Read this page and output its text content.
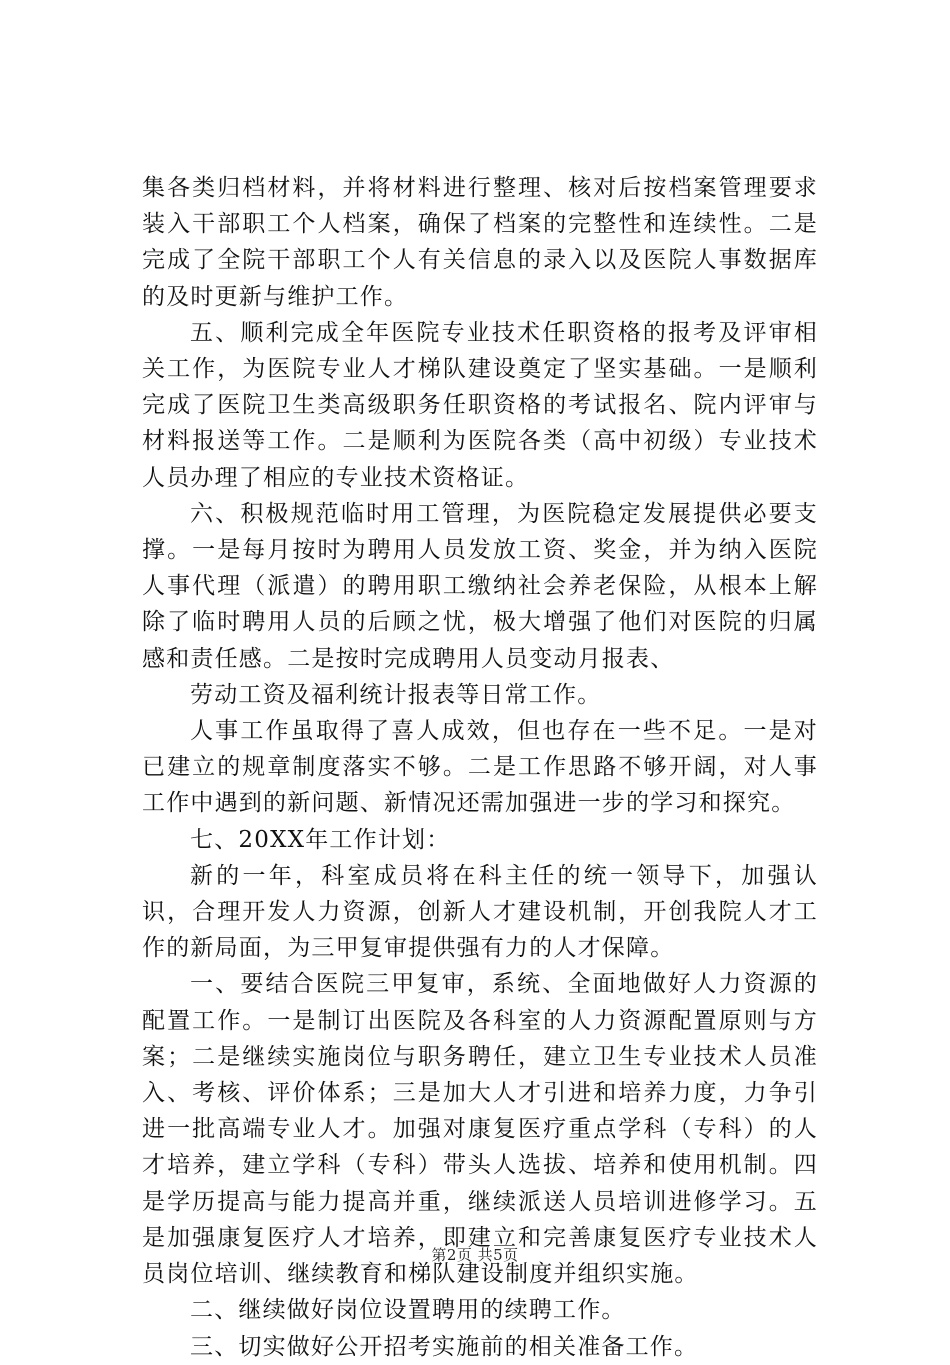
集各类归档材料，并将材料进行整理、核对后按档案管理要求装入干部职工个人档案，确保了档案的完整性和连续性。二是完成了全院干部职工个人有关信息的录入以及医院人事数据库的及时更新与维护工作。

五、顺利完成全年医院专业技术任职资格的报考及评审相关工作，为医院专业人才梯队建设奠定了坚实基础。一是顺利完成了医院卫生类高级职务任职资格的考试报名、院内评审与材料报送等工作。二是顺利为医院各类（高中初级）专业技术人员办理了相应的专业技术资格证。

六、积极规范临时用工管理，为医院稳定发展提供必要支撑。一是每月按时为聘用人员发放工资、奖金，并为纳入医院人事代理（派遣）的聘用职工缴纳社会养老保险，从根本上解除了临时聘用人员的后顾之忧，极大增强了他们对医院的归属感和责任感。二是按时完成聘用人员变动月报表、

劳动工资及福利统计报表等日常工作。

人事工作虽取得了喜人成效，但也存在一些不足。一是对已建立的规章制度落实不够。二是工作思路不够开阔，对人事工作中遇到的新问题、新情况还需加强进一步的学习和探究。

七、20XX年工作计划：

新的一年，科室成员将在科主任的统一领导下，加强认识，合理开发人力资源，创新人才建设机制，开创我院人才工作的新局面，为三甲复审提供强有力的人才保障。

一、要结合医院三甲复审，系统、全面地做好人力资源的配置工作。一是制订出医院及各科室的人力资源配置原则与方案；二是继续实施岗位与职务聘任，建立卫生专业技术人员准入、考核、评价体系；三是加大人才引进和培养力度，力争引进一批高端专业人才。加强对康复医疗重点学科（专科）的人才培养，建立学科（专科）带头人选拔、培养和使用机制。四是学历提高与能力提高并重，继续派送人员培训进修学习。五是加强康复医疗人才培养，即建立和完善康复医疗专业技术人员岗位培训、继续教育和梯队建设制度并组织实施。

二、继续做好岗位设置聘用的续聘工作。

三、切实做好公开招考实施前的相关准备工作。

第2页 共5页
